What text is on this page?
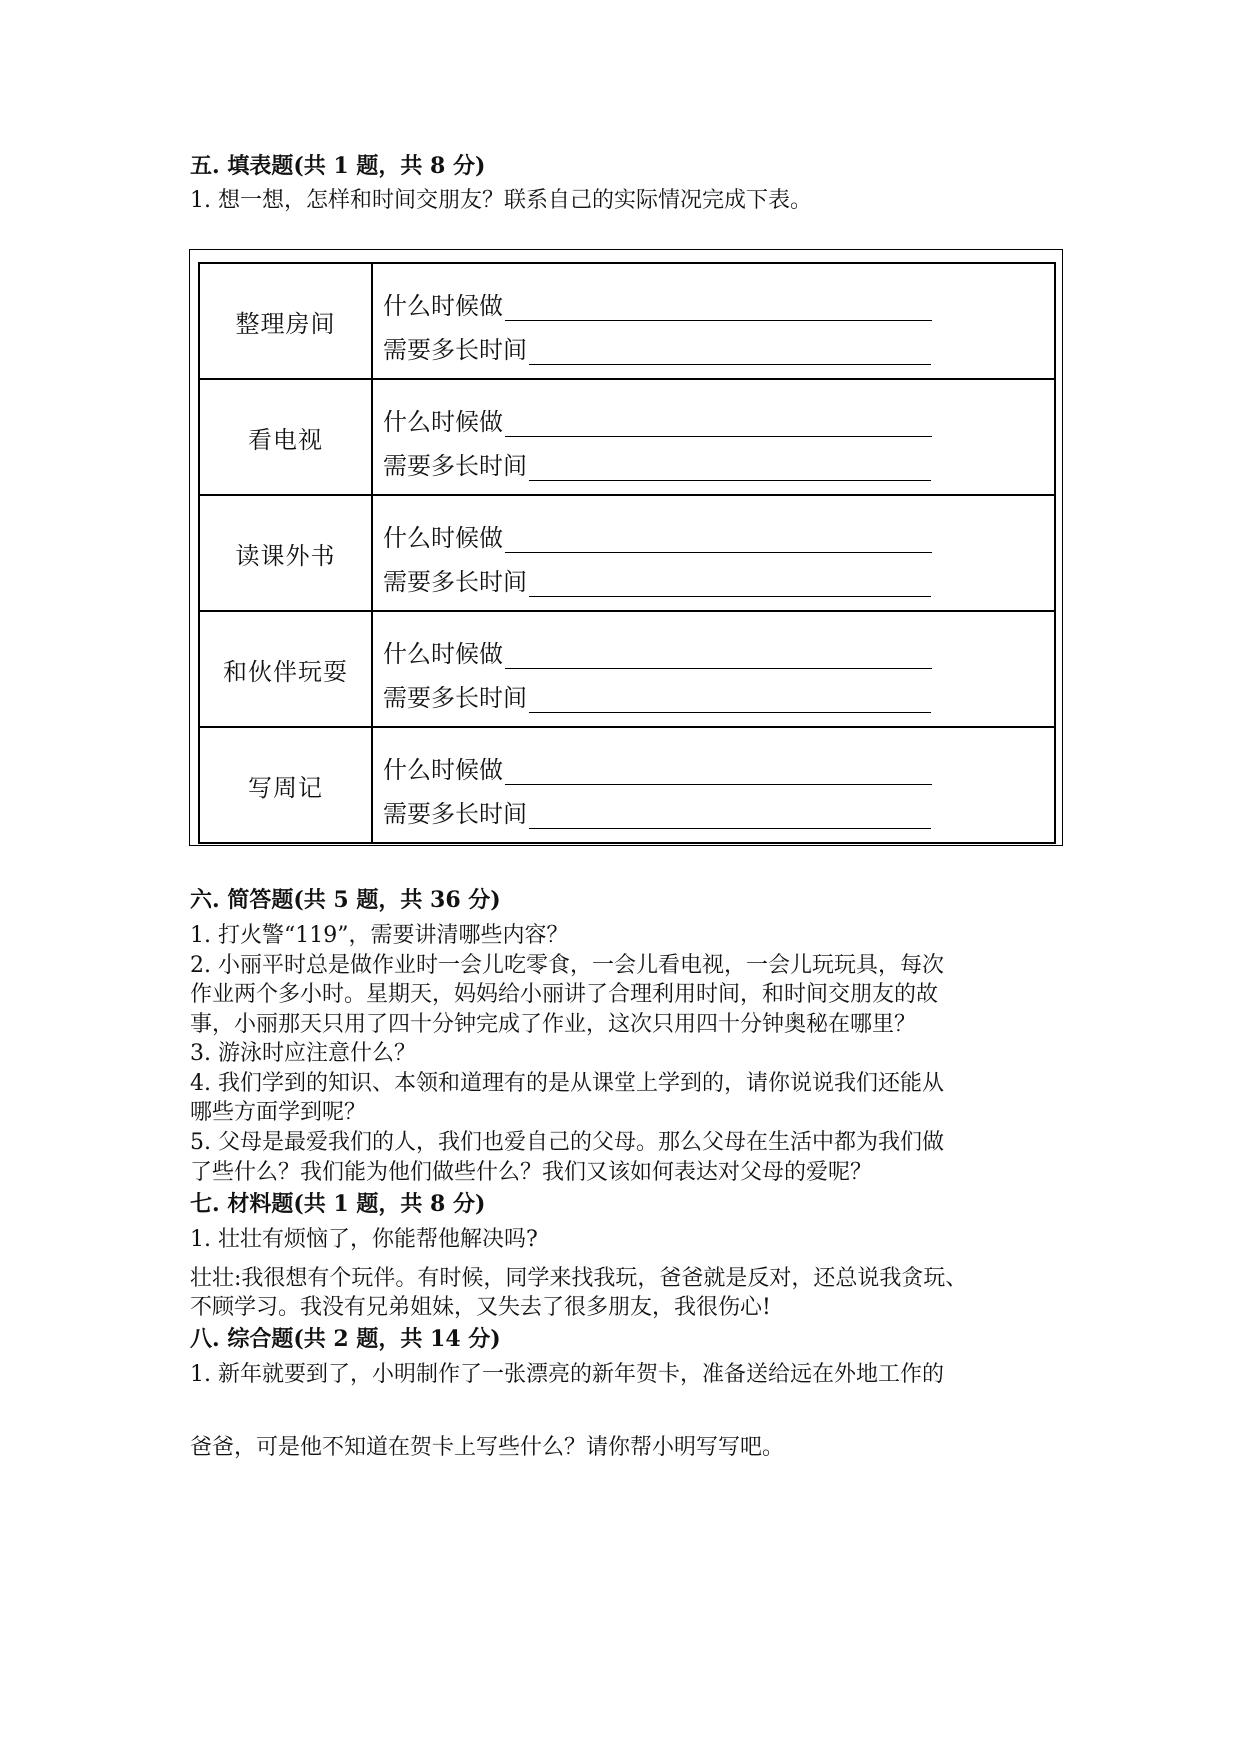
五. 填表题(共 1 题，共 8 分)
1. 想一想，怎样和时间交朋友？联系自己的实际情况完成下表。
整理房间	什么时候做
需要多长时间

看电视	什么时候做
需要多长时间

读课外书	什么时候做
需要多长时间

和伙伴玩耍	什么时候做
需要多长时间

写周记	什么时候做
需要多长时间
六. 简答题(共 5 题，共 36 分)
1. 打火警“119”，需要讲清哪些内容？
2. 小丽平时总是做作业时一会儿吃零食，一会儿看电视，一会儿玩玩具，每次
作业两个多小时。星期天，妈妈给小丽讲了合理利用时间，和时间交朋友的故
事，小丽那天只用了四十分钟完成了作业，这次只用四十分钟奥秘在哪里？
3. 游泳时应注意什么？
4. 我们学到的知识、本领和道理有的是从课堂上学到的，请你说说我们还能从
哪些方面学到呢？
5. 父母是最爱我们的人，我们也爱自己的父母。那么父母在生活中都为我们做
了些什么？我们能为他们做些什么？我们又该如何表达对父母的爱呢？
七. 材料题(共 1 题，共 8 分)
1. 壮壮有烦恼了，你能帮他解决吗?
壮壮:我很想有个玩伴。有时候，同学来找我玩，爸爸就是反对，还总说我贪玩、
不顾学习。我没有兄弟姐妹，又失去了很多朋友，我很伤心!
八. 综合题(共 2 题，共 14 分)
1. 新年就要到了，小明制作了一张漂亮的新年贺卡，准备送给远在外地工作的
爸爸，可是他不知道在贺卡上写些什么？请你帮小明写写吧。
